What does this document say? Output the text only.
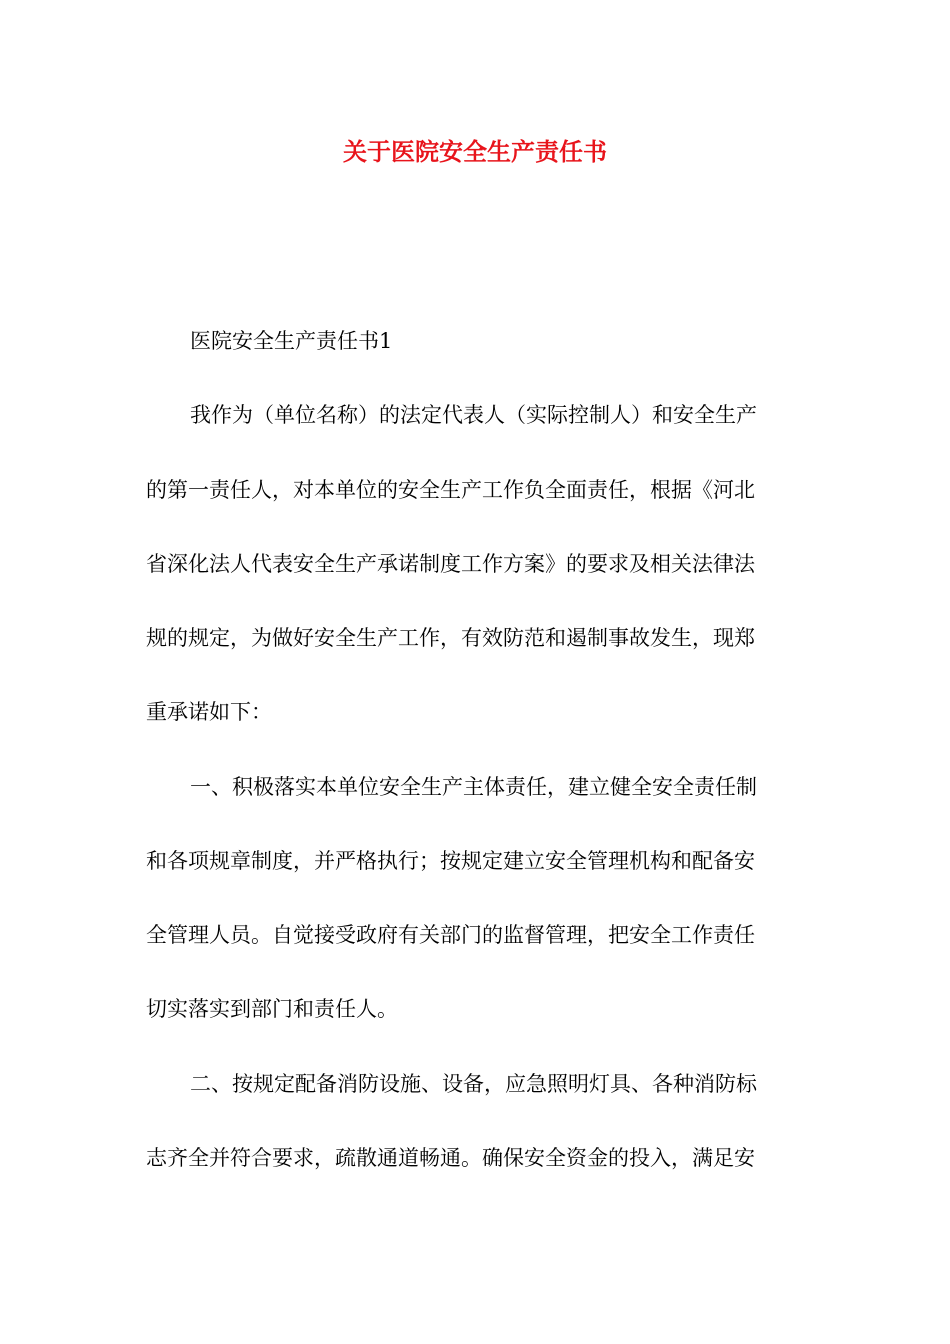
关于医院安全生产责任书

医院安全生产责任书1

我作为（单位名称）的法定代表人（实际控制人）和安全生产

的第一责任人，对本单位的安全生产工作负全面责任，根据《河北

省深化法人代表安全生产承诺制度工作方案》的要求及相关法律法

规的规定，为做好安全生产工作，有效防范和遏制事故发生，现郑

重承诺如下：

一、积极落实本单位安全生产主体责任，建立健全安全责任制

和各项规章制度，并严格执行；按规定建立安全管理机构和配备安

全管理人员。自觉接受政府有关部门的监督管理，把安全工作责任

切实落实到部门和责任人。

二、按规定配备消防设施、设备，应急照明灯具、各种消防标

志齐全并符合要求，疏散通道畅通。确保安全资金的投入，满足安
